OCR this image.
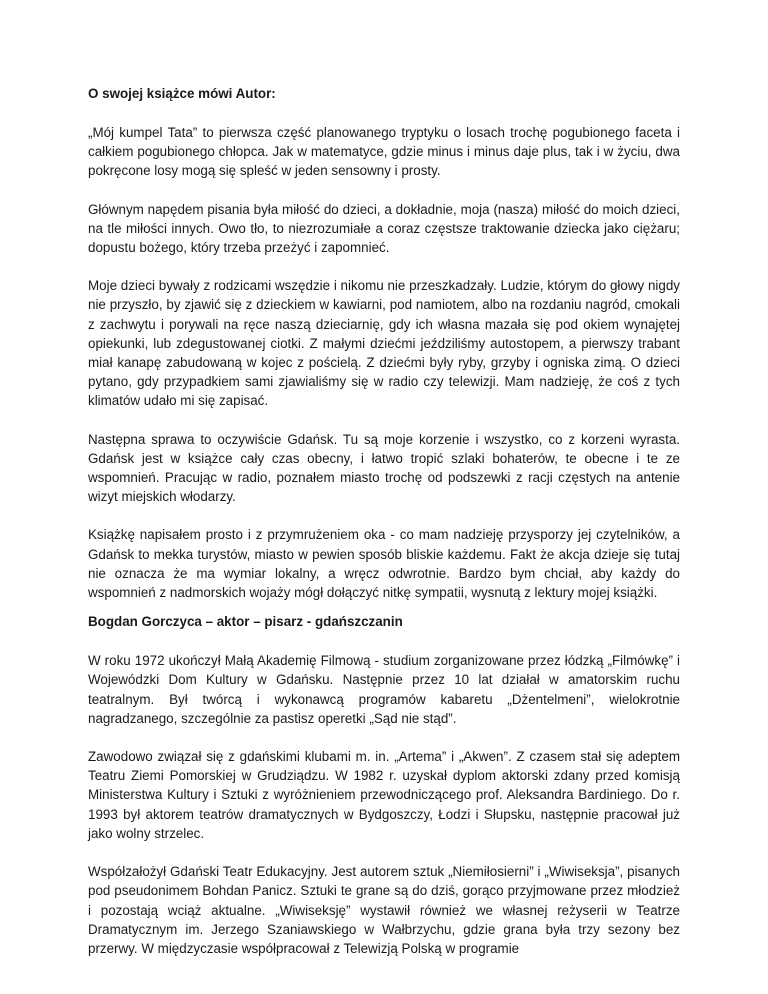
O swojej książce mówi Autor:

„Mój kumpel Tata” to pierwsza część planowanego tryptyku o losach trochę pogubionego faceta i całkiem pogubionego chłopca. Jak w matematyce, gdzie minus i minus daje plus, tak i w życiu, dwa pokręcone losy mogą się spleść w jeden sensowny i prosty.

Głównym napędem pisania była miłość do dzieci, a dokładnie, moja (nasza) miłość do moich dzieci, na tle miłości innych. Owo tło, to niezrozumiałe a coraz częstsze traktowanie dziecka jako ciężaru; dopustu bożego, który trzeba przeżyć i zapomnieć.

Moje dzieci bywały z rodzicami wszędzie i nikomu nie przeszkadzały. Ludzie, którym do głowy nigdy nie przyszło, by zjawić się z dzieckiem w kawiarni, pod namiotem, albo na rozdaniu nagród, cmokali z zachwytu i porywali na ręce naszą dzieciarnię, gdy ich własna mazała się pod okiem wynajętej opiekunki, lub zdegustowanej ciotki. Z małymi dziećmi jeździliśmy autostopem, a pierwszy trabant miał kanapę zabudowaną w kojec z pościelą. Z dziećmi były ryby, grzyby i ogniska zimą. O dzieci pytano, gdy przypadkiem sami zjawialiśmy się w radio czy telewizji. Mam nadzieję, że coś z tych klimatów udało mi się zapisać.

Następna sprawa to oczywiście Gdańsk. Tu są moje korzenie i wszystko, co z korzeni wyrasta. Gdańsk jest w książce cały czas obecny, i łatwo tropić szlaki bohaterów, te obecne i te ze wspomnień. Pracując w radio, poznałem miasto trochę od podszewki z racji częstych na antenie wizyt miejskich włodarzy.

Książkę napisałem prosto i z przymrużeniem oka - co mam nadzieję przysporzy jej czytelników, a Gdańsk to mekka turystów, miasto w pewien sposób bliskie każdemu. Fakt że akcja dzieje się tutaj nie oznacza że ma wymiar lokalny, a wręcz odwrotnie. Bardzo bym chciał, aby każdy do wspomnień z nadmorskich wojaży mógł dołączyć nitkę sympatii, wysnutą z lektury mojej książki.

Bogdan Gorczyca – aktor – pisarz - gdańszczanin

W roku 1972 ukończył Małą Akademię Filmową - studium zorganizowane przez łódzką „Filmówkę” i Wojewódzki Dom Kultury w Gdańsku. Następnie przez 10 lat działał w amatorskim ruchu teatralnym. Był twórcą i wykonawcą programów kabaretu „Dżentelmeni”, wielokrotnie nagradzanego, szczególnie za pastisz operetki „Sąd nie stąd”.

Zawodowo związał się z gdańskimi klubami m. in. „Artema” i „Akwen”. Z czasem stał się adeptem Teatru Ziemi Pomorskiej w Grudziądzu. W 1982 r. uzyskał dyplom aktorski zdany przed komisją Ministerstwa Kultury i Sztuki z wyróżnieniem przewodniczącego prof. Aleksandra Bardiniego. Do r. 1993 był aktorem teatrów dramatycznych w Bydgoszczy, Łodzi i Słupsku, następnie pracował już jako wolny strzelec.

Współzałożył Gdański Teatr Edukacyjny. Jest autorem sztuk „Niemiłosierni” i „Wiwiseksja”, pisanych pod pseudonimem Bohdan Panicz. Sztuki te grane są do dziś, gorąco przyjmowane przez młodzież i pozostają wciąż aktualne. „Wiwiseksję” wystawił również we własnej reżyserii w Teatrze Dramatycznym im. Jerzego Szaniawskiego w Wałbrzychu, gdzie grana była trzy sezony bez przerwy. W międzyczasie współpracował z Telewizją Polską w programie
